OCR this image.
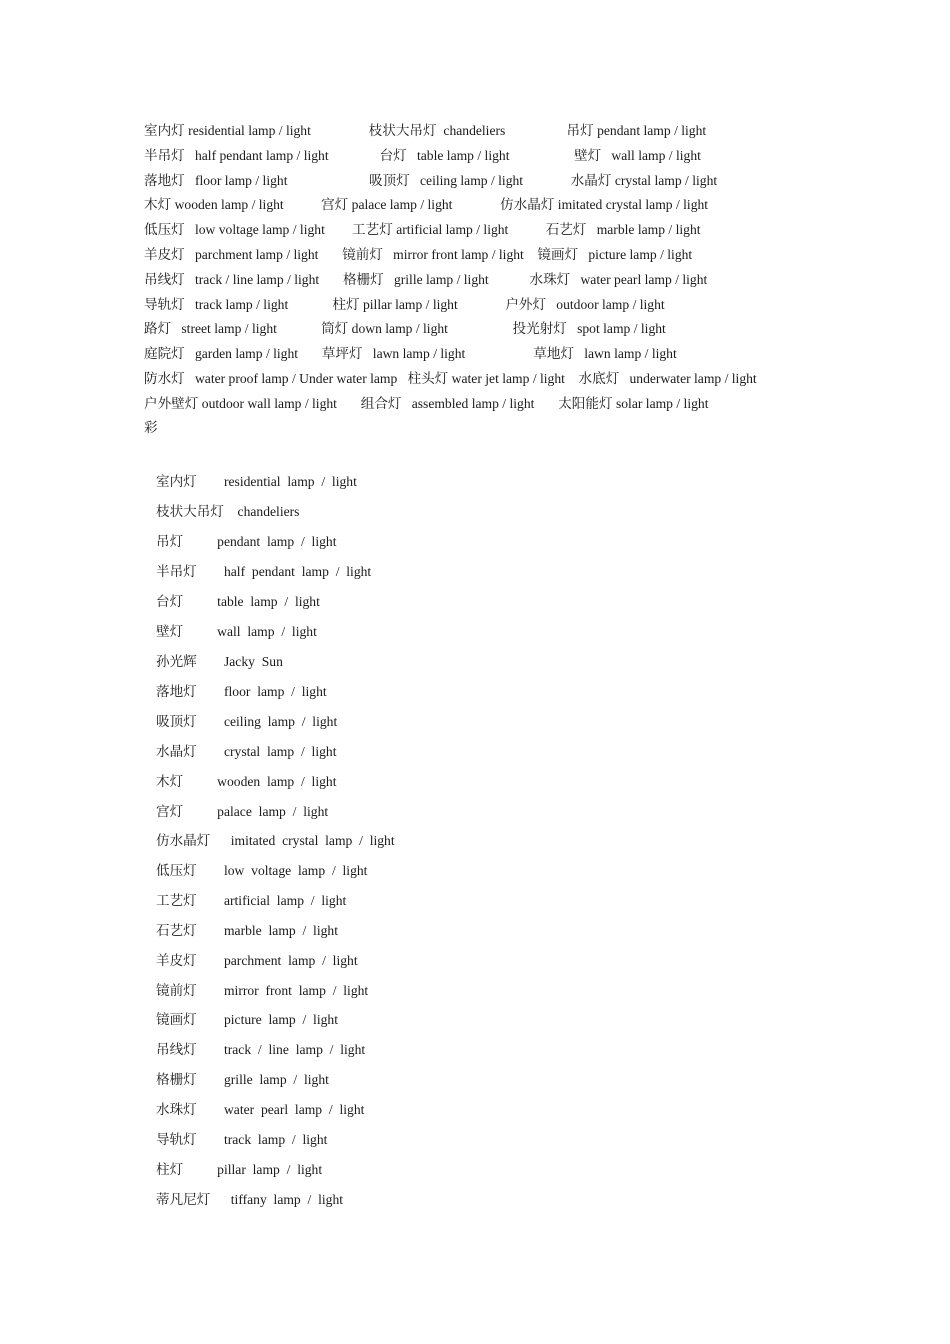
室内灯 residential lamp / light                 枝状大吊灯  chandeliers                  吊灯 pendant lamp / light
半吊灯   half pendant lamp / light               台灯   table lamp / light                   壁灯   wall lamp / light
落地灯   floor lamp / light                        吸顶灯   ceiling lamp / light              水晶灯 crystal lamp / light
木灯 wooden lamp / light           宫灯 palace lamp / light              仿水晶灯 imitated crystal lamp / light
低压灯   low voltage lamp / light        工艺灯 artificial lamp / light           石艺灯   marble lamp / light
羊皮灯   parchment lamp / light       镜前灯   mirror front lamp / light    镜画灯   picture lamp / light
吊线灯   track / line lamp / light       格栅灯   grille lamp / light            水珠灯   water pearl lamp / light
导轨灯   track lamp / light             柱灯 pillar lamp / light              户外灯   outdoor lamp / light
路灯   street lamp / light             筒灯 down lamp / light                   投光射灯   spot lamp / light
庭院灯   garden lamp / light       草坪灯   lawn lamp / light                    草地灯   lawn lamp / light
防水灯   water proof lamp / Under water lamp   柱头灯 water jet lamp / light    水底灯   underwater lamp / light
户外壁灯 outdoor wall lamp / light       组合灯   assembled lamp / light       太阳能灯 solar lamp / light
彩
室内灯        residential  lamp  /  light
枝状大吊灯    chandeliers
吊灯          pendant  lamp  /  light
半吊灯        half  pendant  lamp  /  light
台灯          table  lamp  /  light
壁灯          wall  lamp  /  light
孙光辉        Jacky  Sun
落地灯        floor  lamp  /  light
吸顶灯        ceiling  lamp  /  light
水晶灯        crystal  lamp  /  light
木灯          wooden  lamp  /  light
宫灯          palace  lamp  /  light
仿水晶灯      imitated  crystal  lamp  /  light
低压灯        low  voltage  lamp  /  light
工艺灯        artificial  lamp  /  light
石艺灯        marble  lamp  /  light
羊皮灯        parchment  lamp  /  light
镜前灯        mirror  front  lamp  /  light
镜画灯        picture  lamp  /  light
吊线灯        track  /  line  lamp  /  light
格栅灯        grille  lamp  /  light
水珠灯        water  pearl  lamp  /  light
导轨灯        track  lamp  /  light
柱灯          pillar  lamp  /  light
蒂凡尼灯      tiffany  lamp  /  light
